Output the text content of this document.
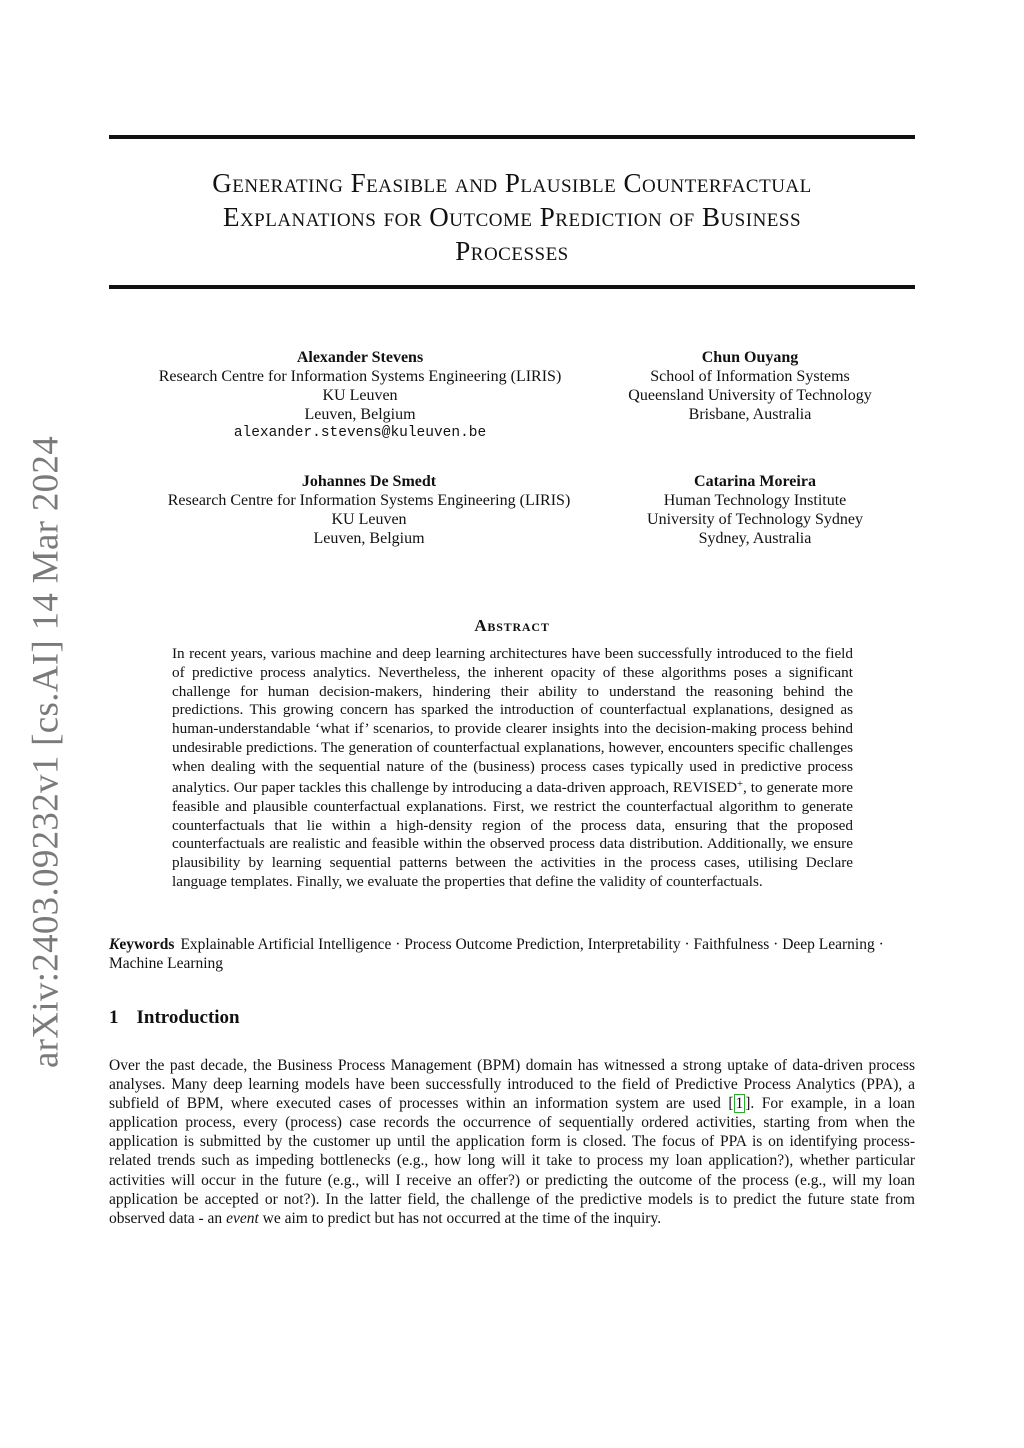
arXiv:2403.09232v1 [cs.AI] 14 Mar 2024
Generating Feasible and Plausible Counterfactual
Explanations for Outcome Prediction of Business
Processes
Alexander Stevens
Research Centre for Information Systems Engineering (LIRIS)
KU Leuven
Leuven, Belgium
alexander.stevens@kuleuven.be
Chun Ouyang
School of Information Systems
Queensland University of Technology
Brisbane, Australia
Johannes De Smedt
Research Centre for Information Systems Engineering (LIRIS)
KU Leuven
Leuven, Belgium
Catarina Moreira
Human Technology Institute
University of Technology Sydney
Sydney, Australia
Abstract

In recent years, various machine and deep learning architectures have been successfully introduced to the field of predictive process analytics. Nevertheless, the inherent opacity of these algorithms poses a significant challenge for human decision-makers, hindering their ability to understand the reasoning behind the predictions. This growing concern has sparked the introduction of counterfactual explanations, designed as human-understandable ‘what if’ scenarios, to provide clearer insights into the decision-making process behind undesirable predictions. The generation of counterfactual explanations, however, encounters specific challenges when dealing with the sequential nature of the (business) process cases typically used in predictive process analytics. Our paper tackles this challenge by introducing a data-driven approach, REVISED+, to generate more feasible and plausible counterfactual explanations. First, we restrict the counterfactual algorithm to generate counterfactuals that lie within a high-density region of the process data, ensuring that the proposed counterfactuals are realistic and feasible within the observed process data distribution. Additionally, we ensure plausibility by learning sequential patterns between the activities in the process cases, utilising Declare language templates. Finally, we evaluate the properties that define the validity of counterfactuals.

Keywords Explainable Artificial Intelligence · Process Outcome Prediction, Interpretability · Faithfulness · Deep Learning · Machine Learning

1 Introduction

Over the past decade, the Business Process Management (BPM) domain has witnessed a strong uptake of data-driven process analyses. Many deep learning models have been successfully introduced to the field of Predictive Process Analytics (PPA), a subfield of BPM, where executed cases of processes within an information system are used [ 1 ]. For example, in a loan application process, every (process) case records the occurrence of sequentially ordered activities, starting from when the application is submitted by the customer up until the application form is closed. The focus of PPA is on identifying process-related trends such as impeding bottlenecks (e.g., how long will it take to process my loan application?), whether particular activities will occur in the future (e.g., will I receive an offer?) or predicting the outcome of the process (e.g., will my loan application be accepted or not?). In the latter field, the challenge of the predictive models is to predict the future state from observed data - an event we aim to predict but has not occurred at the time of the inquiry.
